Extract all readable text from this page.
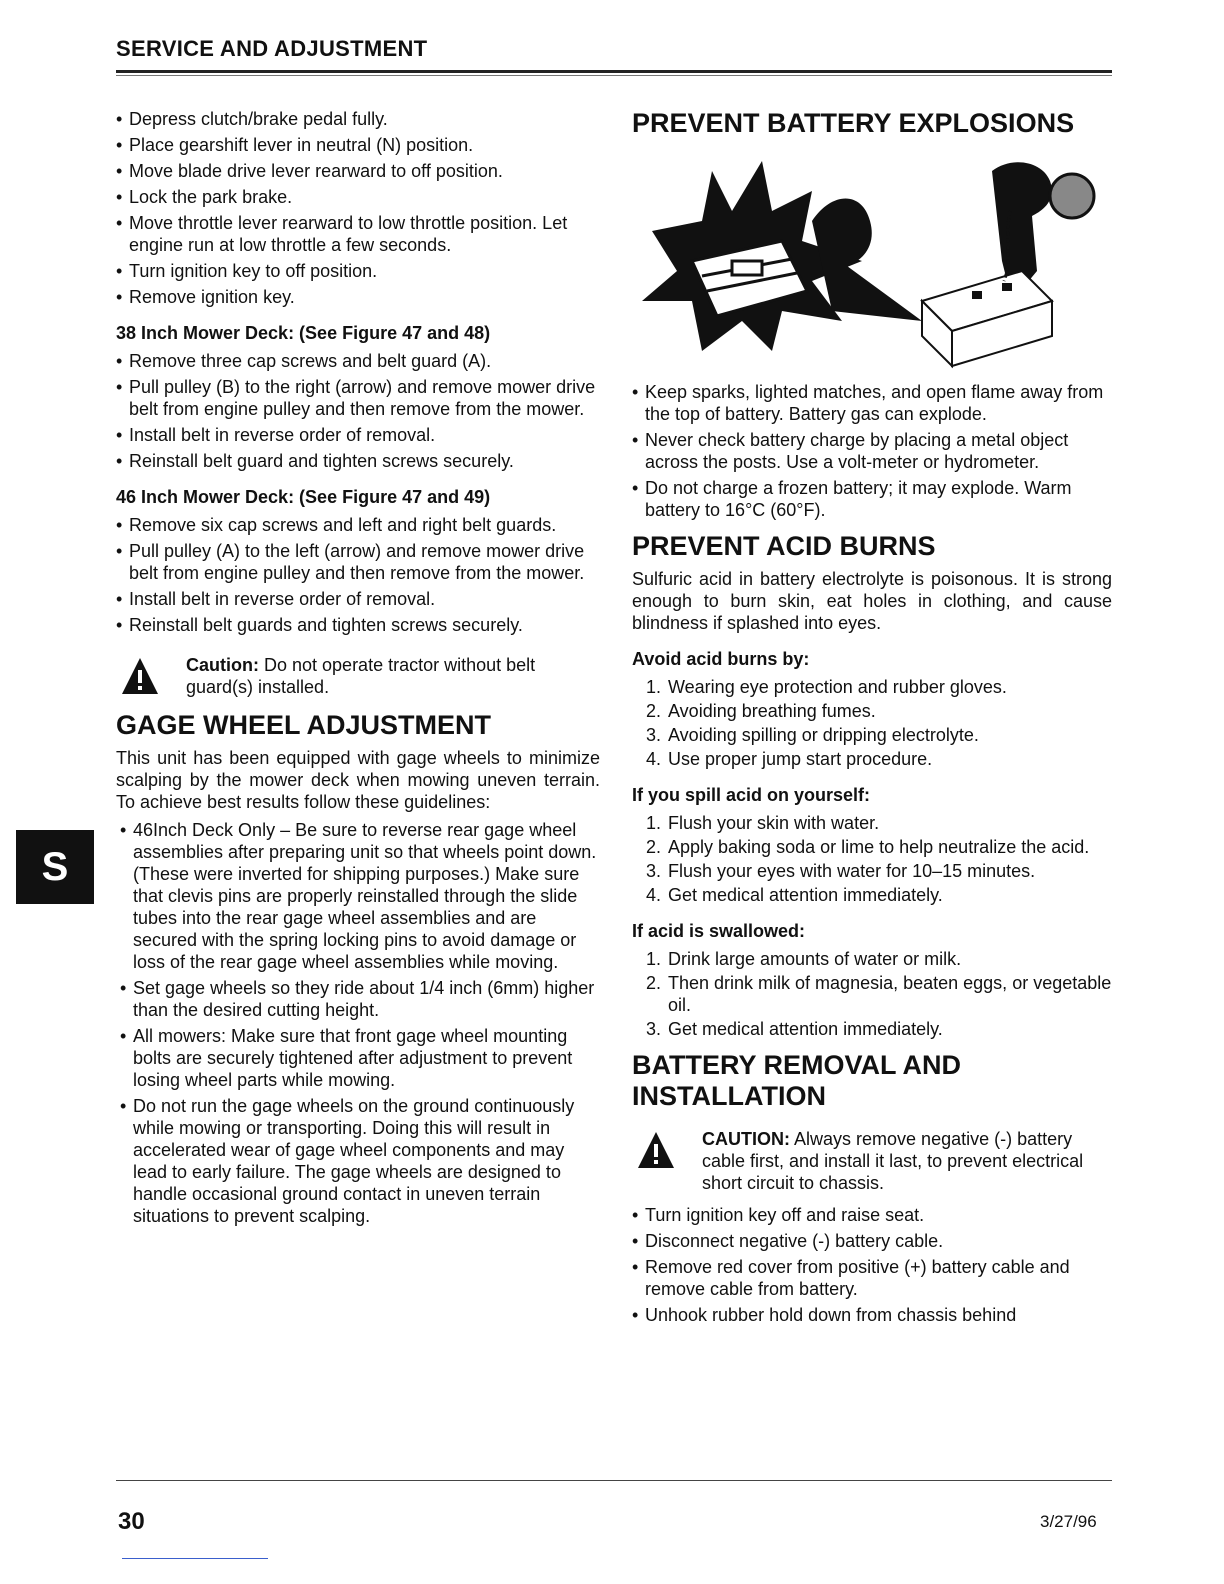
SERVICE AND ADJUSTMENT
S
• Depress clutch/brake pedal fully.
• Place gearshift lever in neutral (N) position.
• Move blade drive lever rearward to off position.
• Lock the park brake.
• Move throttle lever rearward to low throttle position. Let engine run at low throttle a few seconds.
• Turn ignition key to off position.
• Remove ignition key.
38 Inch Mower Deck: (See Figure 47 and 48)
• Remove three cap screws and belt guard (A).
• Pull pulley (B) to the right (arrow) and remove mower drive belt from engine pulley and then remove from the mower.
• Install belt in reverse order of removal.
• Reinstall belt guard and tighten screws securely.
46 Inch Mower Deck: (See Figure 47 and 49)
• Remove six cap screws and left and right belt guards.
• Pull pulley (A) to the left (arrow) and remove mower drive belt from engine pulley and then remove from the mower.
• Install belt in reverse order of removal.
• Reinstall belt guards and tighten screws securely.
Caution: Do not operate tractor without belt guard(s) installed.
GAGE WHEEL ADJUSTMENT

This unit has been equipped with gage wheels to minimize scalping by the mower deck when mowing uneven terrain. To achieve best results follow these guidelines:

• 46Inch Deck Only – Be sure to reverse rear gage wheel assemblies after preparing unit so that wheels point down. (These were inverted for shipping purposes.) Make sure that clevis pins are properly reinstalled through the slide tubes into the rear gage wheel assemblies and are secured with the spring locking pins to avoid damage or loss of the rear gage wheel assemblies while moving.
• Set gage wheels so they ride about 1/4 inch (6mm) higher than the desired cutting height.
• All mowers: Make sure that front gage wheel mounting bolts are securely tightened after adjustment to prevent losing wheel parts while mowing.
• Do not run the gage wheels on the ground continuously while mowing or transporting. Doing this will result in accelerated wear of gage wheel components and may lead to early failure. The gage wheels are designed to handle occasional ground contact in uneven terrain situations to prevent scalping.
PREVENT BATTERY EXPLOSIONS
• Keep sparks, lighted matches, and open flame away from the top of battery. Battery gas can explode.
• Never check battery charge by placing a metal object across the posts. Use a volt-meter or hydrometer.
• Do not charge a frozen battery; it may explode. Warm battery to 16°C (60°F).
PREVENT ACID BURNS

Sulfuric acid in battery electrolyte is poisonous. It is strong enough to burn skin, eat holes in clothing, and cause blindness if splashed into eyes.

Avoid acid burns by:
1. Wearing eye protection and rubber gloves.
2. Avoiding breathing fumes.
3. Avoiding spilling or dripping electrolyte.
4. Use proper jump start procedure.
If you spill acid on yourself:
1. Flush your skin with water.
2. Apply baking soda or lime to help neutralize the acid.
3. Flush your eyes with water for 10–15 minutes.
4. Get medical attention immediately.
If acid is swallowed:
1. Drink large amounts of water or milk.
2. Then drink milk of magnesia, beaten eggs, or vegetable oil.
3. Get medical attention immediately.
BATTERY REMOVAL AND INSTALLATION
CAUTION: Always remove negative (-) battery cable first, and install it last, to prevent electrical short circuit to chassis.
• Turn ignition key off and raise seat.
• Disconnect negative (-) battery cable.
• Remove red cover from positive (+) battery cable and remove cable from battery.
• Unhook rubber hold down from chassis behind
30	3/27/96
